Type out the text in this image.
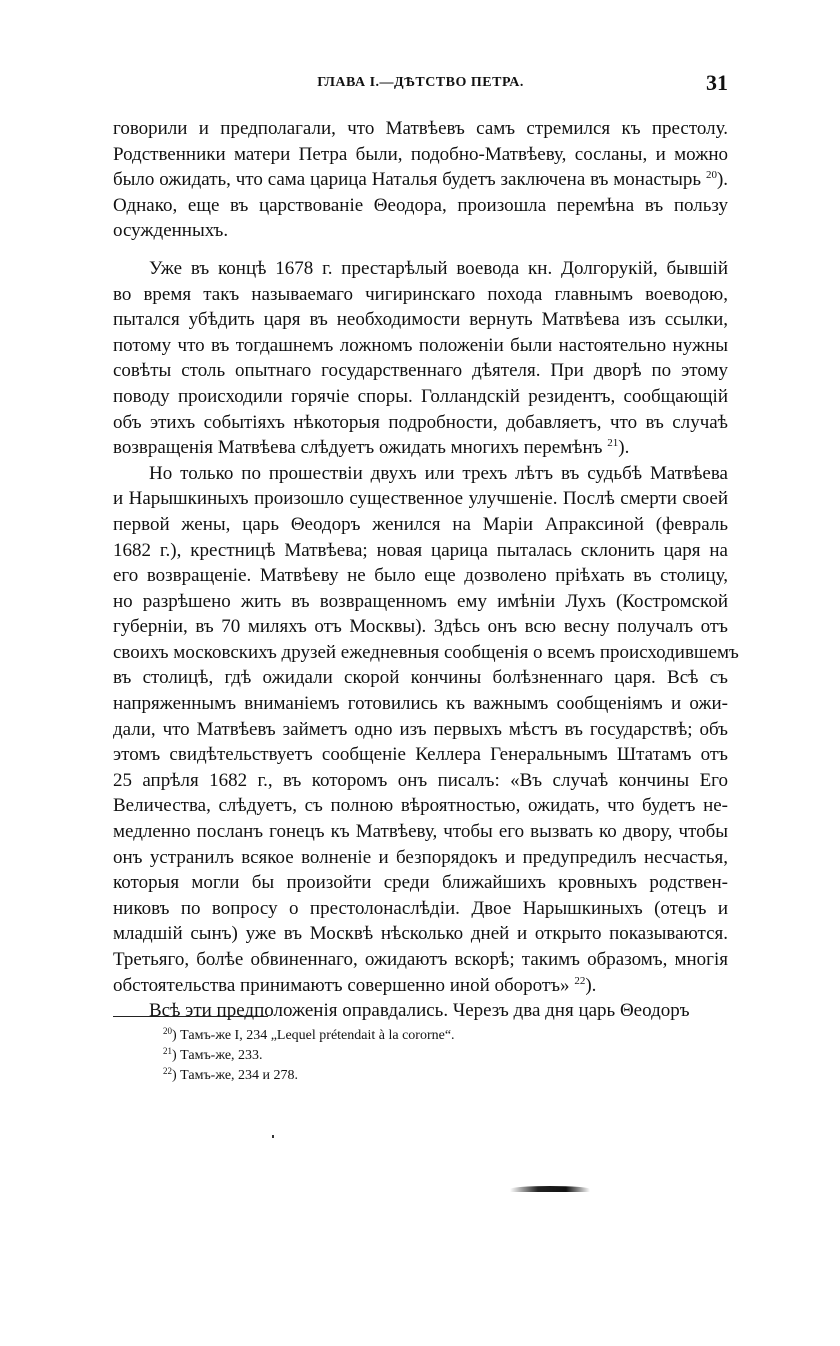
ГЛАВА I.—ДѢТСТВО ПЕТРА.	31
говорили и предполагали, что Матвѣевъ самъ стремился къ престолу.
Родственники матери Петра были, подобно-Матвѣеву, сосланы, и можно
было ожидать, что сама царица Наталья будетъ заключена въ монастырь $^{20}$).
Однако, еще въ царствованіе Θеодора, произошла перемѣна въ пользу
осужденныхъ.
Уже въ концѣ 1678 г. престарѣлый воевода кн. Долгорукій, бывшій
во время такъ называемаго чигиринскаго похода главнымъ воеводою,
пытался убѣдить царя въ необходимости вернуть Матвѣева изъ ссылки,
потому что въ тогдашнемъ ложномъ положеніи были настоятельно нужны
совѣты столь опытнаго государственнаго дѣятеля. При дворѣ по этому
поводу происходили горячіе споры. Голландскій резидентъ, сообщающій
объ этихъ событіяхъ нѣкоторыя подробности, добавляетъ, что въ случаѣ
возвращенія Матвѣева слѣдуетъ ожидать многихъ перемѣнъ $^{21}$).
Но только по прошествіи двухъ или трехъ лѣтъ въ судьбѣ Матвѣева
и Нарышкиныхъ произошло существенное улучшеніе. Послѣ смерти своей
первой жены, царь Θеодоръ женился на Маріи Апраксиной (февраль
1682 г.), крестницѣ Матвѣева; новая царица пыталась склонить царя на
его возвращеніе. Матвѣеву не было еще дозволено пріѣхать въ столицу,
но разрѣшено жить въ возвращенномъ ему имѣніи Лухъ (Костромской
губерніи, въ 70 миляхъ отъ Москвы). Здѣсь онъ всю весну получалъ отъ
своихъ московскихъ друзей ежедневныя сообщенія о всемъ происходившемъ
въ столицѣ, гдѣ ожидали скорой кончины болѣзненнаго царя. Всѣ съ
напряженнымъ вниманіемъ готовились къ важнымъ сообщеніямъ и ожи-
дали, что Матвѣевъ займетъ одно изъ первыхъ мѣстъ въ государствѣ; объ
этомъ свидѣтельствуетъ сообщеніе Келлера Генеральнымъ Штатамъ отъ
25 апрѣля 1682 г., въ которомъ онъ писалъ: «Въ случаѣ кончины Его
Величества, слѣдуетъ, съ полною вѣроятностью, ожидать, что будетъ не-
медленно посланъ гонецъ къ Матвѣеву, чтобы его вызвать ко двору, чтобы
онъ устранилъ всякое волненіе и безпорядокъ и предупредилъ несчастья,
которыя могли бы произойти среди ближайшихъ кровныхъ родствен-
никовъ по вопросу о престолонаслѣдіи. Двое Нарышкиныхъ (отецъ и
младшій сынъ) уже въ Москвѣ нѣсколько дней и открыто показываются.
Третьяго, болѣе обвиненнаго, ожидаютъ вскорѣ; такимъ образомъ, многія
обстоятельства принимаютъ совершенно иной оборотъ» $^{22}$).
Всѣ эти предположенія оправдались. Черезъ два дня царь Θеодоръ
$^{20}$) Тамъ-же I, 234 „Lequel prétendait à la cororne“.
$^{21}$) Тамъ-же, 233.
$^{22}$) Тамъ-же, 234 и 278.
